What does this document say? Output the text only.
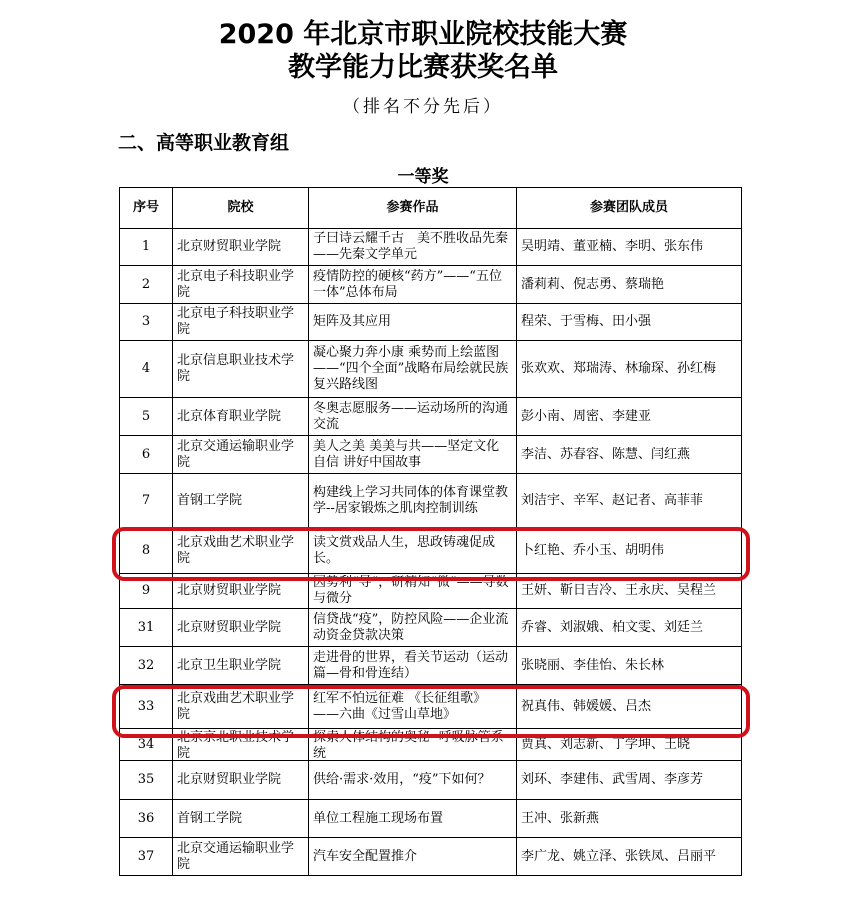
2020 年北京市职业院校技能大赛
教学能力比赛获奖名单
（排名不分先后）
二、高等职业教育组
一等奖
序号	院校	参赛作品	参赛团队成员

1	北京财贸职业学院	子曰诗云耀千古　美不胜收品先秦 ——先秦文学单元	吴明靖、董亚楠、李明、张东伟

2	北京电子科技职业学院	疫情防控的硬核“药方”——“五位一体”总体布局	潘莉莉、倪志勇、蔡瑞艳

3	北京电子科技职业学院	矩阵及其应用	程荣、于雪梅、田小强

4	北京信息职业技术学院	凝心聚力奔小康 乘势而上绘蓝图 ——“四个全面”战略布局绘就民族复兴路线图	张欢欢、郑瑞涛、林瑜琛、孙红梅

5	北京体育职业学院	冬奥志愿服务——运动场所的沟通交流	彭小南、周密、李建亚

6	北京交通运输职业学院	美人之美 美美与共——坚定文化自信 讲好中国故事	李洁、苏春容、陈慧、闫红燕

7	首钢工学院	构建线上学习共同体的体育课堂教学--居家锻炼之肌肉控制训练	刘洁宇、辛军、赵记者、高菲菲

8	北京戏曲艺术职业学院	读文赏戏品人生，思政铸魂促成长。	卜红艳、乔小玉、胡明伟

9	北京财贸职业学院	因势利“导”，研精知“微”——导数与微分	王妍、靳日吉冷、王永庆、吴程兰

31	北京财贸职业学院	信贷战“疫”，防控风险——企业流动资金贷款决策	乔睿、刘淑娥、柏文雯、刘廷兰

32	北京卫生职业学院	走进骨的世界，看关节运动（运动篇—骨和骨连结）	张晓丽、李佳怡、朱长林

33	北京戏曲艺术职业学院	红军不怕远征难 《长征组歌》——六曲《过雪山草地》	祝真伟、韩媛媛、吕杰

34	北京京北职业技术学院	探索人体结构的奥秘--呼吸脉管系统	贾真、刘志新、丁学坤、王晓

35	北京财贸职业学院	供给·需求·效用，“疫”下如何？	刘环、李建伟、武雪周、李彦芳

36	首钢工学院	单位工程施工现场布置	王冲、张新燕

37	北京交通运输职业学院	汽车安全配置推介	李广龙、姚立泽、张铁凤、吕丽平
